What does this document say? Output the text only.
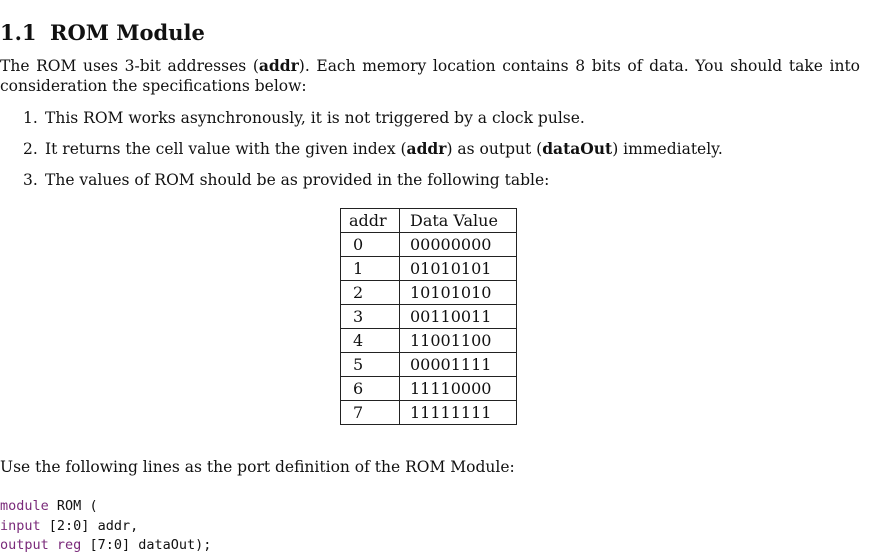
1.1 ROM Module
The ROM uses 3-bit addresses (addr). Each memory location contains 8 bits of data. You should take into consideration the specifications below:
1. This ROM works asynchronously, it is not triggered by a clock pulse.
2. It returns the cell value with the given index (addr) as output (dataOut) immediately.
3. The values of ROM should be as provided in the following table:
addr	Data Value
0	00000000
1	01010101
2	10101010
3	00110011
4	11001100
5	00001111
6	11110000
7	11111111
Use the following lines as the port definition of the ROM Module:
module ROM (
input [2:0] addr,
output reg [7:0] dataOut);
